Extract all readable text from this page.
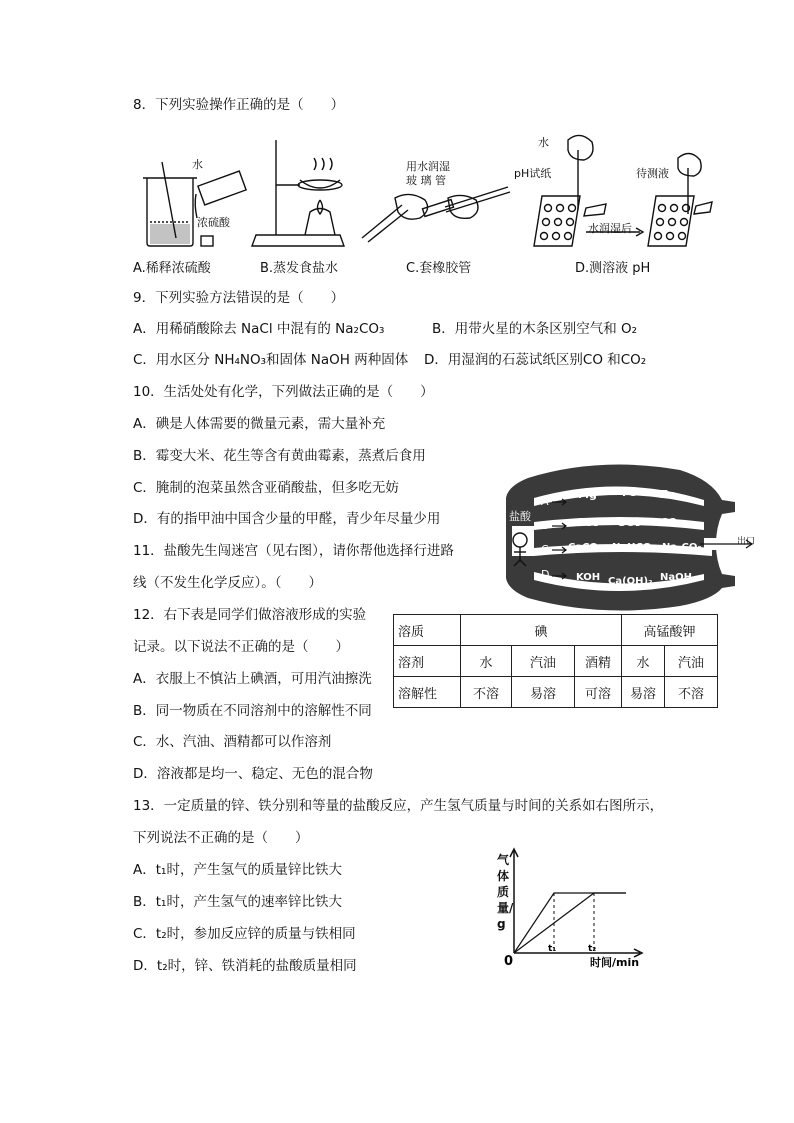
8．下列实验操作正确的是（　　）
水
浓硫酸
用水润湿
玻 璃 管
水
pH试纸	待测液
水润湿后
A.稀释浓硫酸	B.蒸发食盐水	C.套橡胶管	D.测溶液 pH
9．下列实验方法错误的是（　　）
A．用稀硝酸除去 NaCl 中混有的 Na₂CO₃	B．用带火星的木条区别空气和 O₂
C．用水区分 NH₄NO₃和固体 NaOH 两种固体 D．用湿润的石蕊试纸区别CO 和CO₂
10．生活处处有化学，下列做法正确的是（　　）
A．碘是人体需要的微量元素，需大量补充
B．霉变大米、花生等含有黄曲霉素，蒸煮后食用
C．腌制的泡菜虽然含亚硝酸盐，但多吃无妨
D．有的指甲油中国含少量的甲醛，青少年尽量少用
11．盐酸先生闯迷宫（见右图），请你帮他选择行进路
线（不发生化学反应）。（　　）
盐酸
出口
A
Mg Fe Zn
B CO₂ SO₂ CO
C CaCO₃ NaHCO₃ Na₂CO₃
D	KOH Ca(OH)₂ NaOH
12．右下表是同学们做溶液形成的实验
记录。以下说法不正确的是（　　）
A．衣服上不慎沾上碘酒，可用汽油擦洗
B．同一物质在不同溶剂中的溶解性不同
C．水、汽油、酒精都可以作溶剂
D．溶液都是均一、稳定、无色的混合物
溶质	碘			高锰酸钾	
溶剂	水	汽油	酒精	水	汽油
溶解性	不溶	易溶	可溶	易溶	不溶
13．一定质量的锌、铁分别和等量的盐酸反应，产生氢气质量与时间的关系如右图所示，
下列说法不正确的是（　　）
A．t₁时，产生氢气的质量锌比铁大
B．t₁时，产生氢气的速率锌比铁大
C．t₂时，参加反应锌的质量与铁相同
D．t₂时，锌、铁消耗的盐酸质量相同
t₁	t₂
0	时间/min
气体质量/g
